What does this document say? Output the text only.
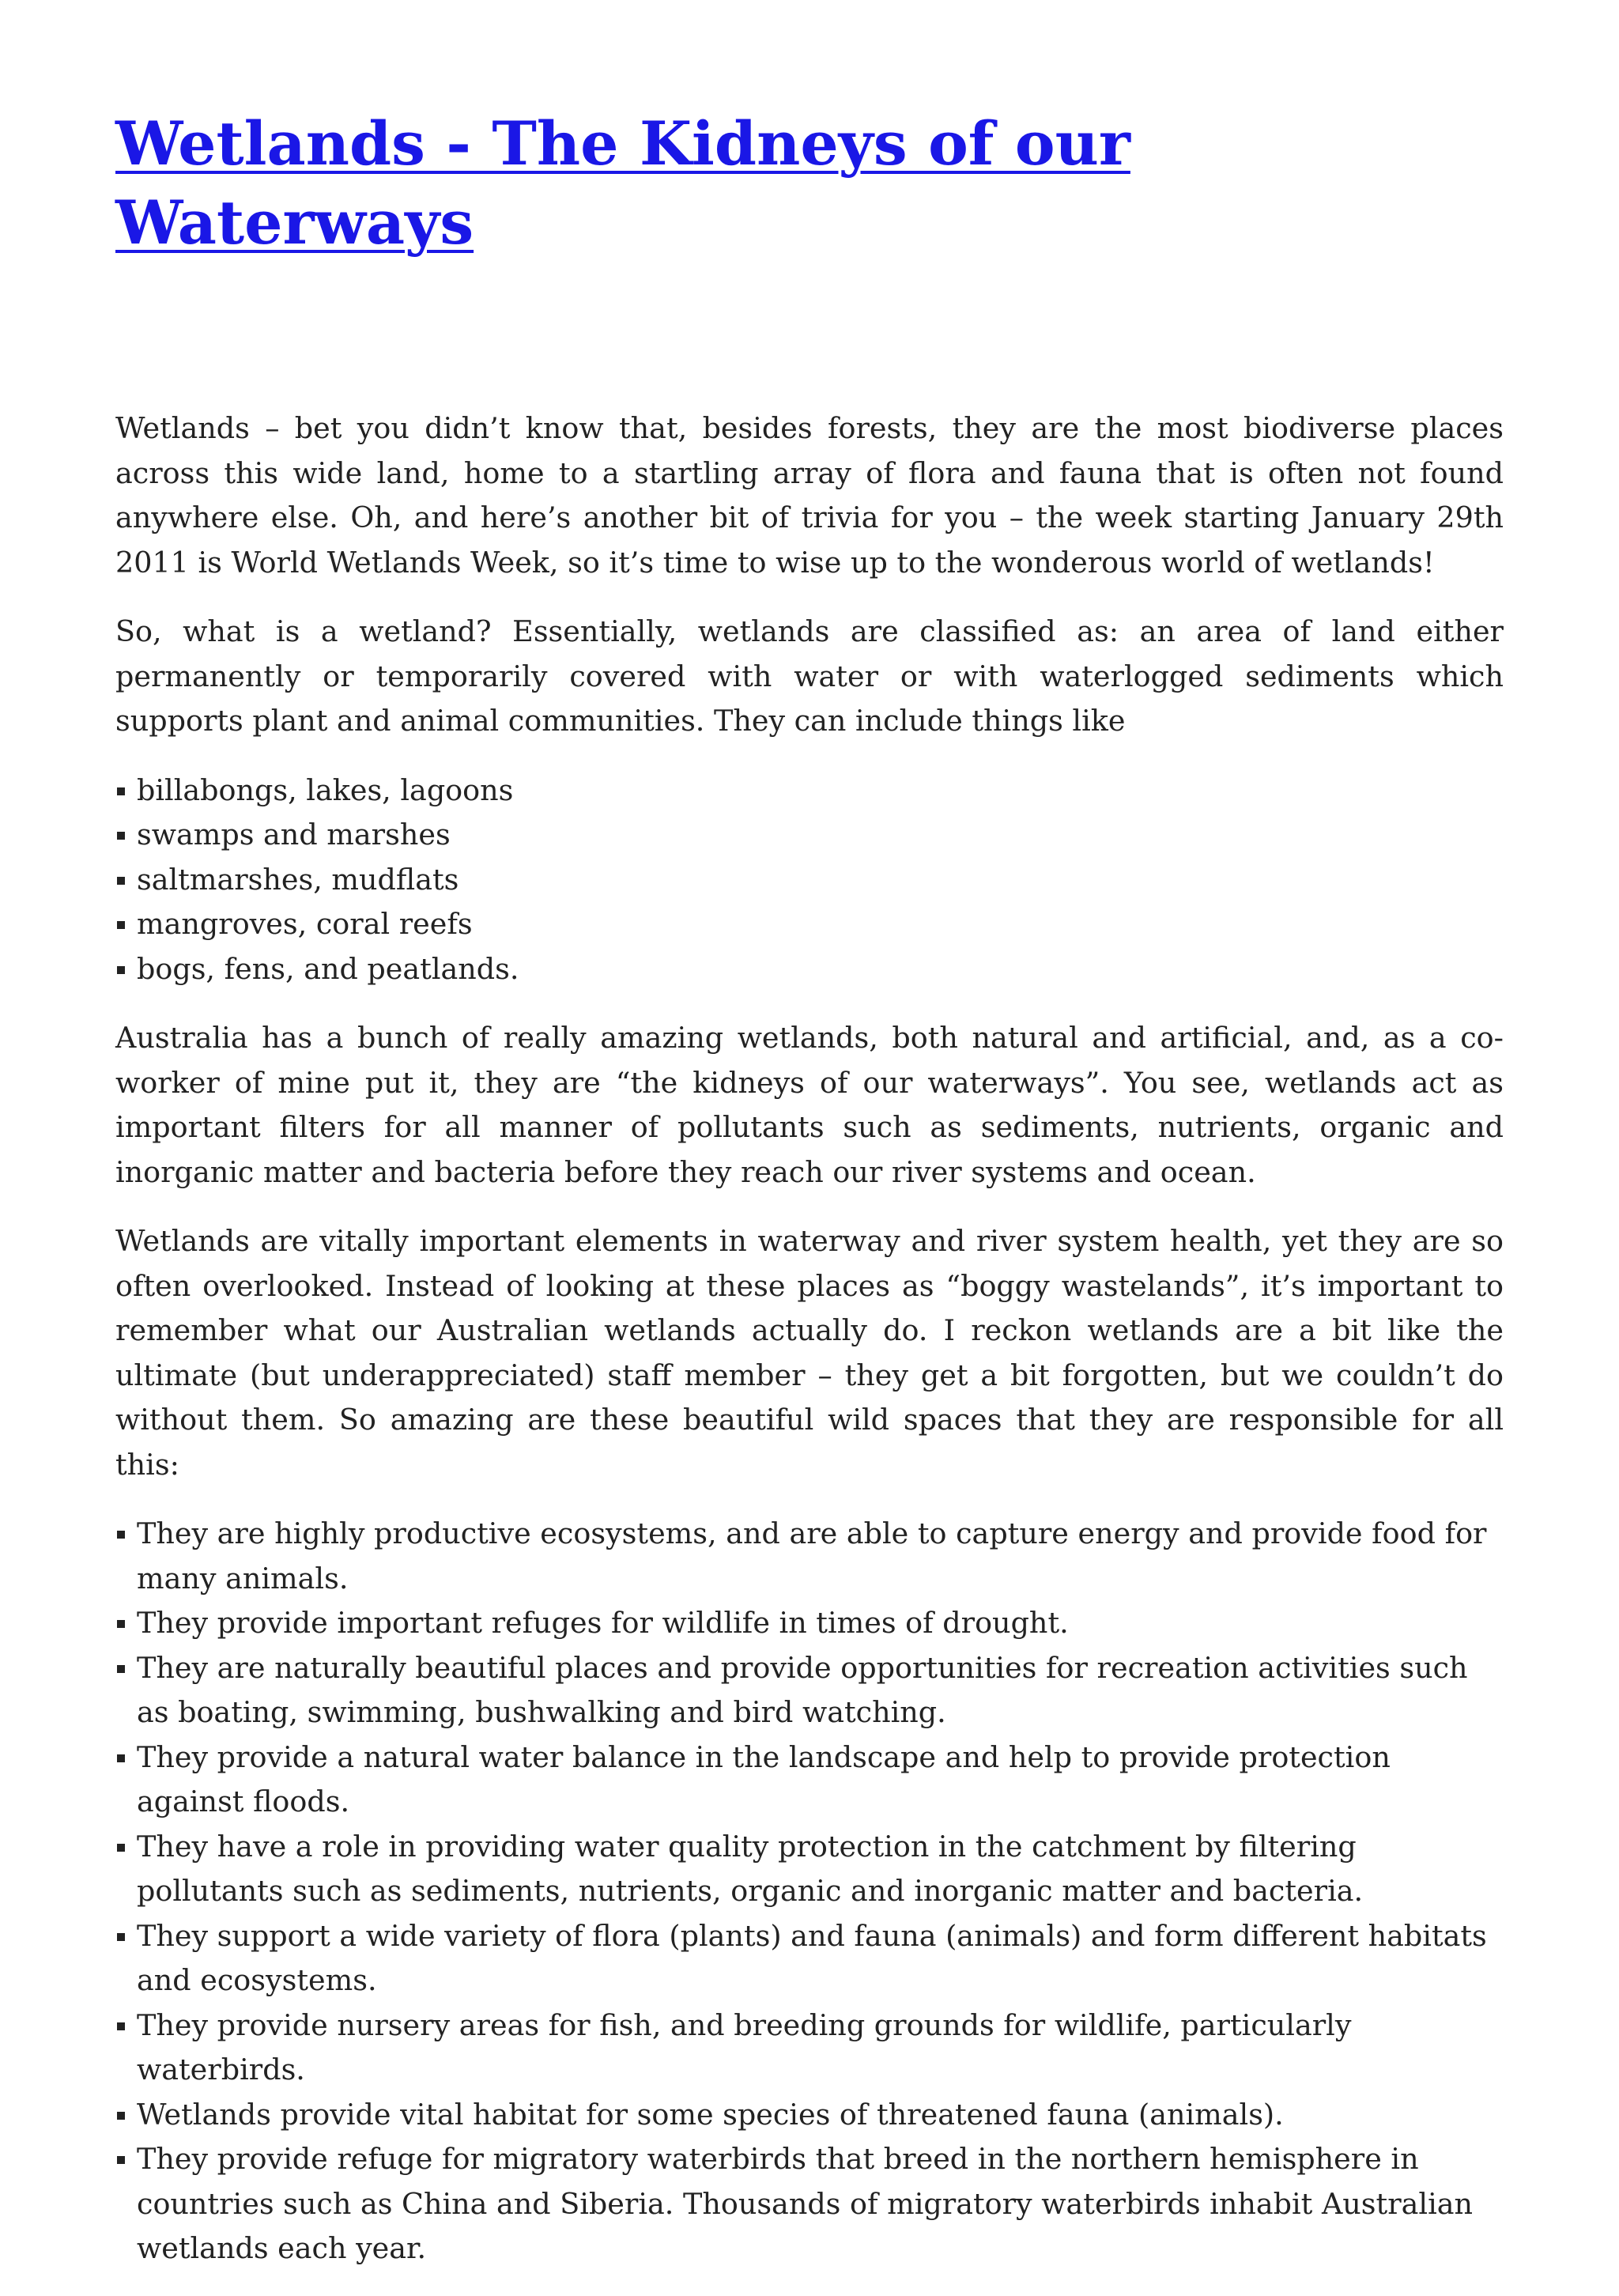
Wetlands - The Kidneys of our Waterways

Wetlands – bet you didn’t know that, besides forests, they are the most biodiverse places across this wide land, home to a startling array of flora and fauna that is often not found anywhere else. Oh, and here’s another bit of trivia for you – the week starting January 29th 2011 is World Wetlands Week, so it’s time to wise up to the wonderous world of wetlands!

So, what is a wetland? Essentially, wetlands are classified as: an area of land either permanently or temporarily covered with water or with waterlogged sediments which supports plant and animal communities. They can include things like

billabongs, lakes, lagoons
swamps and marshes
saltmarshes, mudflats
mangroves, coral reefs
bogs, fens, and peatlands.

Australia has a bunch of really amazing wetlands, both natural and artificial, and, as a co-worker of mine put it, they are “the kidneys of our waterways”. You see, wetlands act as important filters for all manner of pollutants such as sediments, nutrients, organic and inorganic matter and bacteria before they reach our river systems and ocean.

Wetlands are vitally important elements in waterway and river system health, yet they are so often overlooked. Instead of looking at these places as “boggy wastelands”, it’s important to remember what our Australian wetlands actually do. I reckon wetlands are a bit like the ultimate (but underappreciated) staff member – they get a bit forgotten, but we couldn’t do without them. So amazing are these beautiful wild spaces that they are responsible for all this:

They are highly productive ecosystems, and are able to capture energy and provide food for many animals.
They provide important refuges for wildlife in times of drought.
They are naturally beautiful places and provide opportunities for recreation activities such as boating, swimming, bushwalking and bird watching.
They provide a natural water balance in the landscape and help to provide protection against floods.
They have a role in providing water quality protection in the catchment by filtering pollutants such as sediments, nutrients, organic and inorganic matter and bacteria.
They support a wide variety of flora (plants) and fauna (animals) and form different habitats and ecosystems.
They provide nursery areas for fish, and breeding grounds for wildlife, particularly waterbirds.
Wetlands provide vital habitat for some species of threatened fauna (animals).
They provide refuge for migratory waterbirds that breed in the northern hemisphere in countries such as China and Siberia. Thousands of migratory waterbirds inhabit Australian wetlands each year.
